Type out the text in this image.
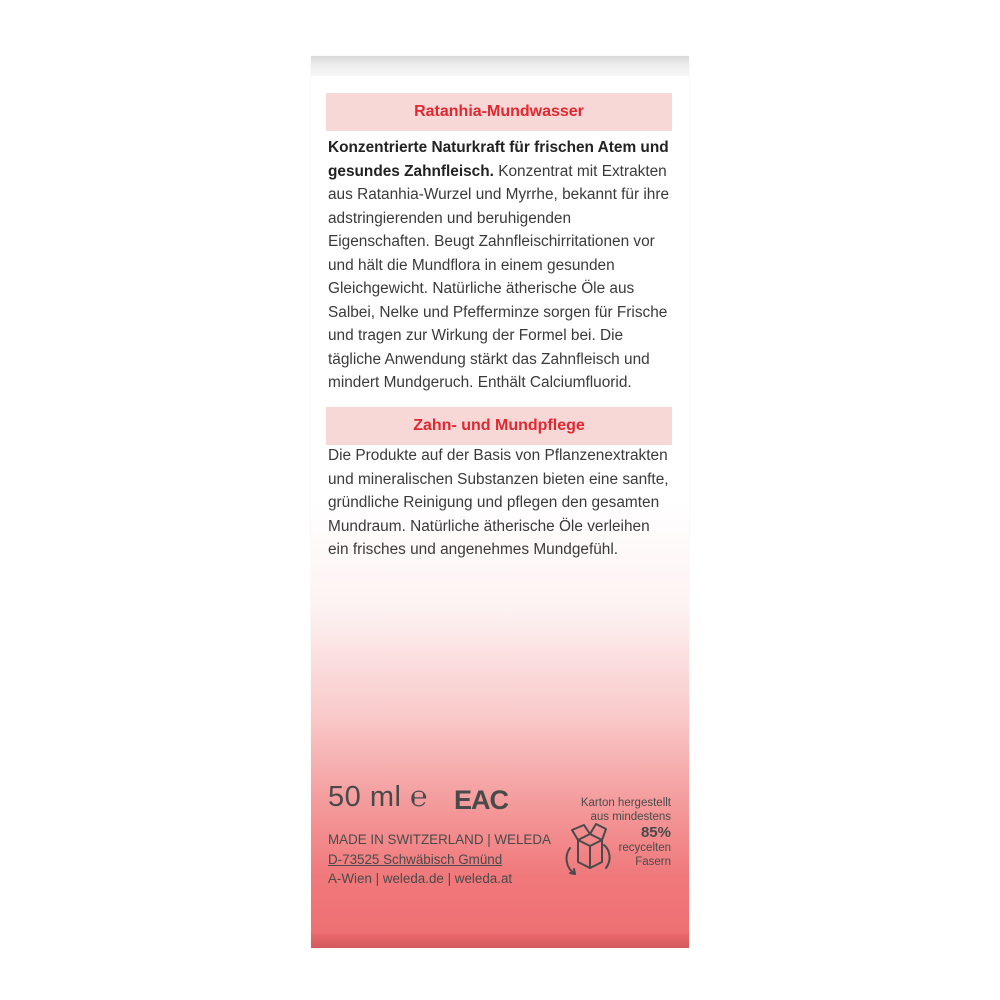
Ratanhia-Mundwasser
Konzentrierte Naturkraft für frischen Atem und gesundes Zahnfleisch. Konzentrat mit Extrakten aus Ratanhia-Wurzel und Myrrhe, bekannt für ihre adstringierenden und beruhigenden Eigenschaften. Beugt Zahnfleischirritationen vor und hält die Mundflora in einem gesunden Gleichgewicht. Natürliche ätherische Öle aus Salbei, Nelke und Pfefferminze sorgen für Frische und tragen zur Wirkung der Formel bei. Die tägliche Anwendung stärkt das Zahnfleisch und mindert Mundgeruch. Enthält Calciumfluorid.
Zahn- und Mundpflege
Die Produkte auf der Basis von Pflanzenextrakten und mineralischen Substanzen bieten eine sanfte, gründliche Reinigung und pflegen den gesamten Mundraum. Natürliche ätherische Öle verleihen ein frisches und angenehmes Mundgefühl.
50 ml ℮ EAC
MADE IN SWITZERLAND | WELEDA
D-73525 Schwäbisch Gmünd
A-Wien | weleda.de | weleda.at
Karton hergestellt
aus mindestens
85%
recycelten
Fasern
